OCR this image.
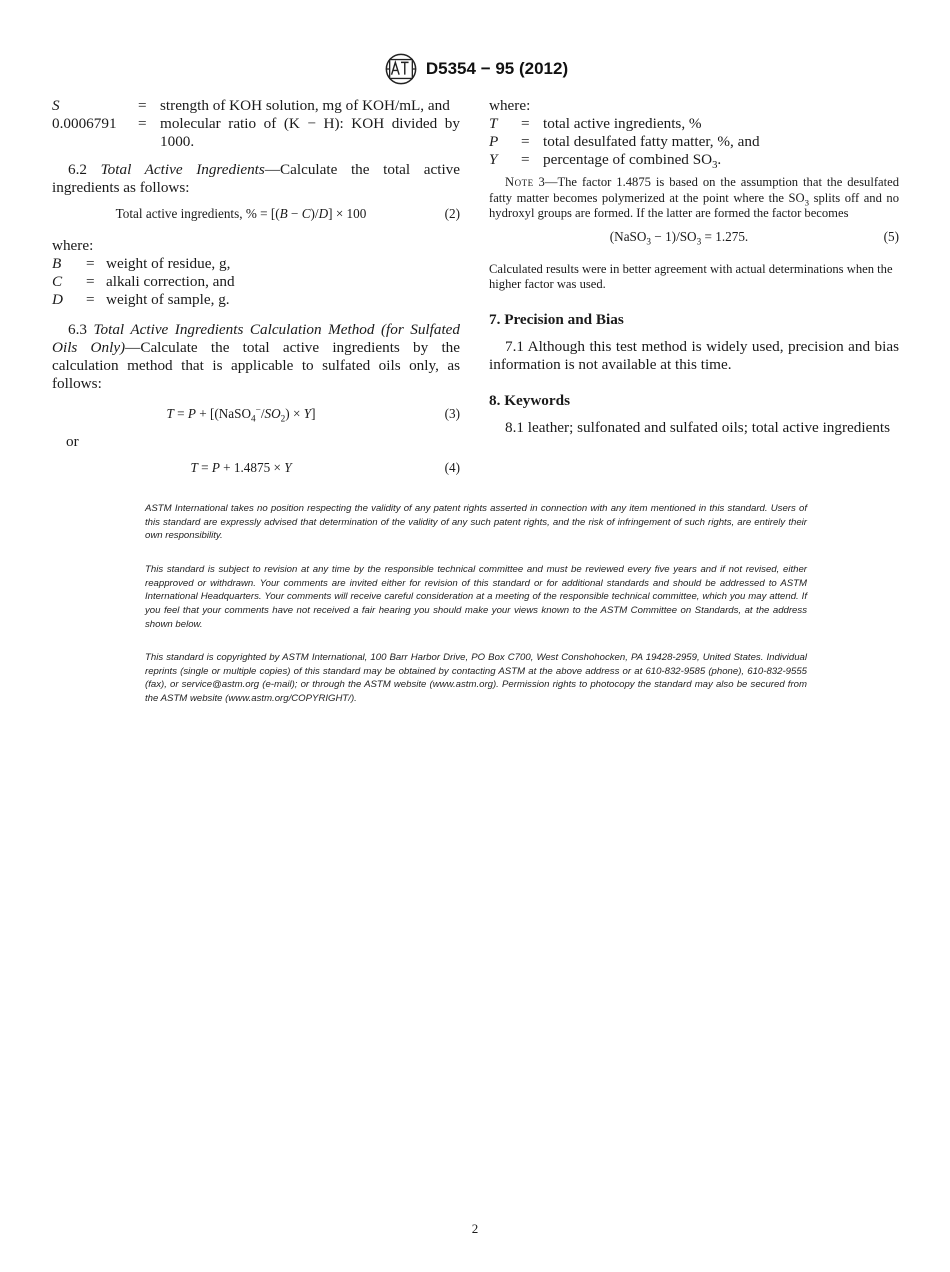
D5354 − 95 (2012)
S	= strength of KOH solution, mg of KOH/mL, and
0.0006791	= molecular ratio of (K − H): KOH divided by 1000.

6.2 Total Active Ingredients—Calculate the total active ingredients as follows:

Total active ingredients, % = [(B − C)/D] × 100	(2)

where:

B	= weight of residue, g,
C	= alkali correction, and
D	= weight of sample, g.

6.3 Total Active Ingredients Calculation Method (for Sulfated Oils Only)—Calculate the total active ingredients by the calculation method that is applicable to sulfated oils only, as follows:

$T = P + [(NaSO_4^-/SO_2) \times Y]$	(3)

or

T = P + 1.4875 × Y	(4)

where:

T	= total active ingredients, %
P	= total desulfated fatty matter, %, and
Y	= percentage of combined $SO_3$.

Note 3—The factor 1.4875 is based on the assumption that the desulfated fatty matter becomes polymerized at the point where the $SO_3$ splits off and no hydroxyl groups are formed. If the latter are formed the factor becomes

(NaSO$_3$ − $1)/SO_3 = 1.275$.	(5)

Calculated results were in better agreement with actual determinations when the higher factor was used.

7. Precision and Bias

7.1 Although this test method is widely used, precision and bias information is not available at this time.

8. Keywords

8.1 leather; sulfonated and sulfated oils; total active ingredients

ASTM International takes no position respecting the validity of any patent rights asserted in connection with any item mentioned in this standard. Users of this standard are expressly advised that determination of the validity of any such patent rights, and the risk of infringement of such rights, are entirely their own responsibility.

This standard is subject to revision at any time by the responsible technical committee and must be reviewed every five years and if not revised, either reapproved or withdrawn. Your comments are invited either for revision of this standard or for additional standards and should be addressed to ASTM International Headquarters. Your comments will receive careful consideration at a meeting of the responsible technical committee, which you may attend. If you feel that your comments have not received a fair hearing you should make your views known to the ASTM Committee on Standards, at the address shown below.

This standard is copyrighted by ASTM International, 100 Barr Harbor Drive, PO Box C700, West Conshohocken, PA 19428-2959, United States. Individual reprints (single or multiple copies) of this standard may be obtained by contacting ASTM at the above address or at 610-832-9585 (phone), 610-832-9555 (fax), or service@astm.org (e-mail); or through the ASTM website (www.astm.org). Permission rights to photocopy the standard may also be secured from the ASTM website (www.astm.org/COPYRIGHT/).

2
